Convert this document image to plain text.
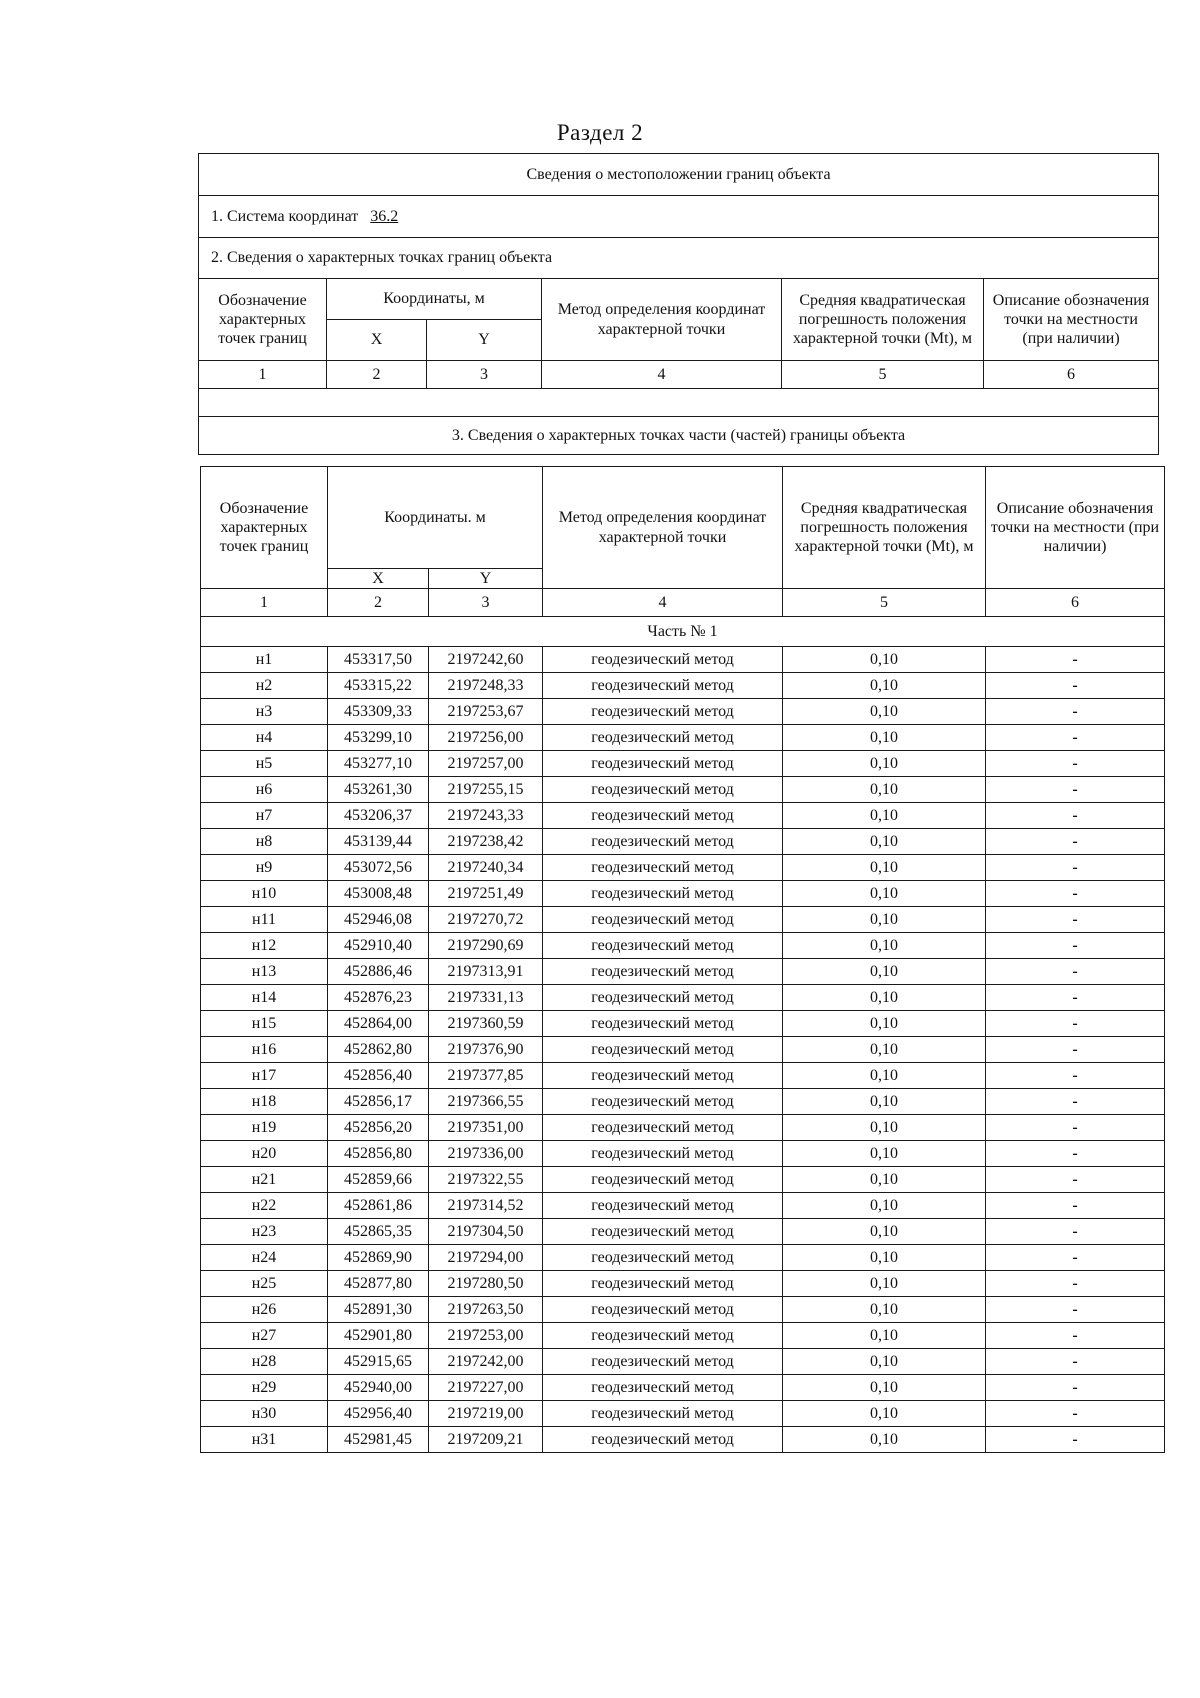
Раздел 2
Сведения о местоположении границ объекта					
1. Система координат 36.2					
2. Сведения о характерных точках границ объекта					
Обозначение характерных точек границ	Координаты, м		Метод определения координат характерной точки	Средняя квадратическая погрешность положения характерной точки (Mt), м	Описание обозначения точки на местности (при наличии)
	X	Y			
1	2	3	4	5	6

3. Сведения о характерных точках части (частей) границы объекта					
Обозначение характерных точек границ	Координаты. м		Метод определения координат характерной точки	Средняя квадратическая погрешность положения характерной точки (Mt), м	Описание обозначения точки на местности (при наличии)
	X	Y			
1	2	3	4	5	6
Часть № 1					
н1	453317,50	2197242,60	геодезический метод	0,10	-
н2	453315,22	2197248,33	геодезический метод	0,10	-
н3	453309,33	2197253,67	геодезический метод	0,10	-
н4	453299,10	2197256,00	геодезический метод	0,10	-
н5	453277,10	2197257,00	геодезический метод	0,10	-
н6	453261,30	2197255,15	геодезический метод	0,10	-
н7	453206,37	2197243,33	геодезический метод	0,10	-
н8	453139,44	2197238,42	геодезический метод	0,10	-
н9	453072,56	2197240,34	геодезический метод	0,10	-
н10	453008,48	2197251,49	геодезический метод	0,10	-
н11	452946,08	2197270,72	геодезический метод	0,10	-
н12	452910,40	2197290,69	геодезический метод	0,10	-
н13	452886,46	2197313,91	геодезический метод	0,10	-
н14	452876,23	2197331,13	геодезический метод	0,10	-
н15	452864,00	2197360,59	геодезический метод	0,10	-
н16	452862,80	2197376,90	геодезический метод	0,10	-
н17	452856,40	2197377,85	геодезический метод	0,10	-
н18	452856,17	2197366,55	геодезический метод	0,10	-
н19	452856,20	2197351,00	геодезический метод	0,10	-
н20	452856,80	2197336,00	геодезический метод	0,10	-
н21	452859,66	2197322,55	геодезический метод	0,10	-
н22	452861,86	2197314,52	геодезический метод	0,10	-
н23	452865,35	2197304,50	геодезический метод	0,10	-
н24	452869,90	2197294,00	геодезический метод	0,10	-
н25	452877,80	2197280,50	геодезический метод	0,10	-
н26	452891,30	2197263,50	геодезический метод	0,10	-
н27	452901,80	2197253,00	геодезический метод	0,10	-
н28	452915,65	2197242,00	геодезический метод	0,10	-
н29	452940,00	2197227,00	геодезический метод	0,10	-
н30	452956,40	2197219,00	геодезический метод	0,10	-
н31	452981,45	2197209,21	геодезический метод	0,10	-
